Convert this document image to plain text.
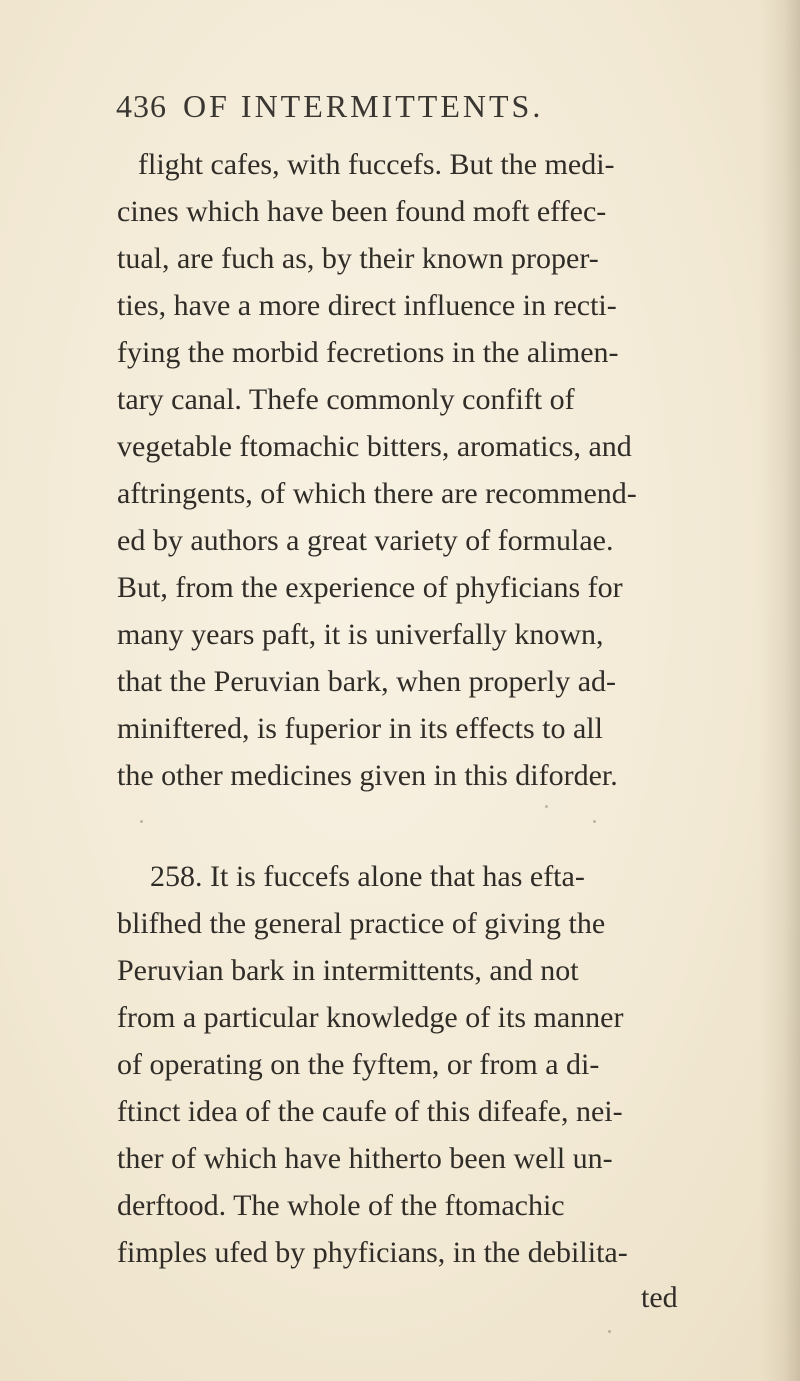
436 OF INTERMITTENTS.
flight cafes, with fuccefs. But the medi-
cines which have been found moft effec-
tual, are fuch as, by their known proper-
ties, have a more direct influence in recti-
fying the morbid fecretions in the alimen-
tary canal. Thefe commonly confift of
vegetable ftomachic bitters, aromatics, and
aftringents, of which there are recommend-
ed by authors a great variety of formulae.
But, from the experience of phyficians for
many years paft, it is univerfally known,
that the Peruvian bark, when properly ad-
miniftered, is fuperior in its effects to all
the other medicines given in this diforder.
258. It is fuccefs alone that has efta-
blifhed the general practice of giving the
Peruvian bark in intermittents, and not
from a particular knowledge of its manner
of operating on the fyftem, or from a di-
ftinct idea of the caufe of this difeafe, nei-
ther of which have hitherto been well un-
derftood. The whole of the ftomachic
fimples ufed by phyficians, in the debilita-
ted
